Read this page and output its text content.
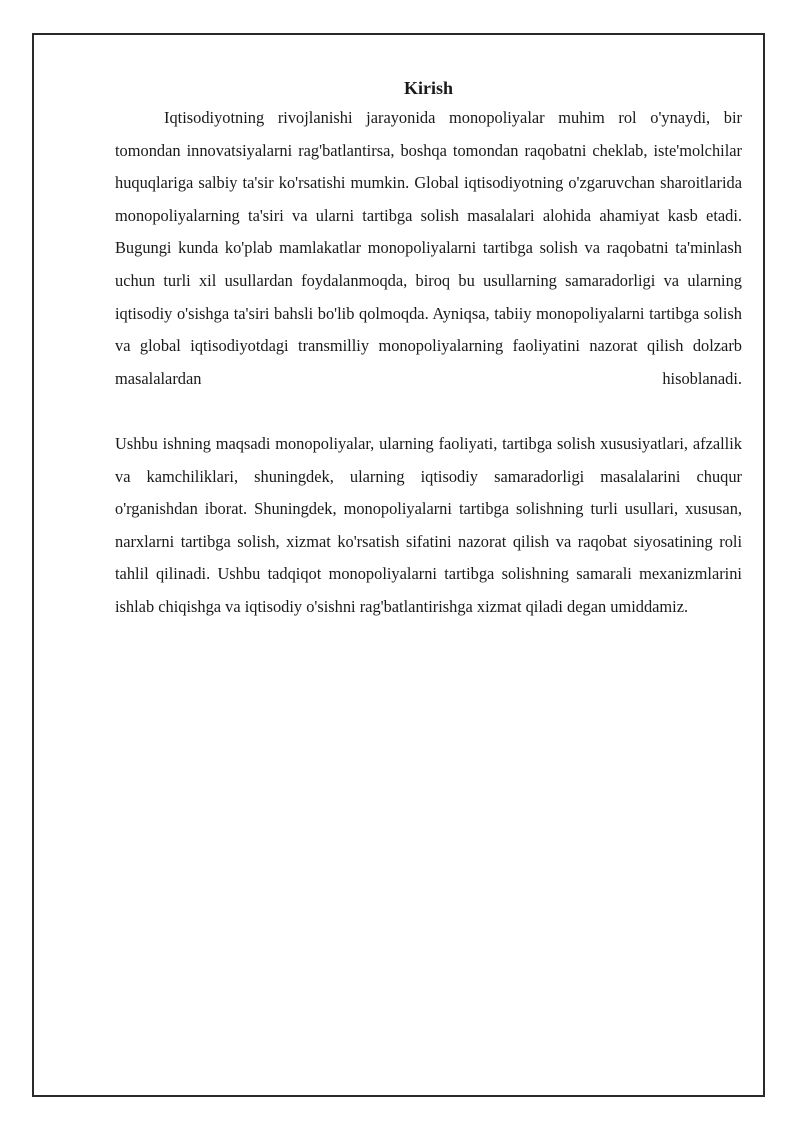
Kirish

Iqtisodiyotning rivojlanishi jarayonida monopoliyalar muhim rol o'ynaydi, bir tomondan innovatsiyalarni rag'batlantirsa, boshqa tomondan raqobatni cheklab, iste'molchilar huquqlariga salbiy ta'sir ko'rsatishi mumkin. Global iqtisodiyotning o'zgaruvchan sharoitlarida monopoliyalarning ta'siri va ularni tartibga solish masalalari alohida ahamiyat kasb etadi. Bugungi kunda ko'plab mamlakatlar monopoliyalarni tartibga solish va raqobatni ta'minlash uchun turli xil usullardan foydalanmoqda, biroq bu usullarning samaradorligi va ularning iqtisodiy o'sishga ta'siri bahsli bo'lib qolmoqda. Ayniqsa, tabiiy monopoliyalarni tartibga solish va global iqtisodiyotdagi transmilliy monopoliyalarning faoliyatini nazorat qilish dolzarb masalalardan hisoblanadi.

Ushbu ishning maqsadi monopoliyalar, ularning faoliyati, tartibga solish xususiyatlari, afzallik va kamchiliklari, shuningdek, ularning iqtisodiy samaradorligi masalalarini chuqur o'rganishdan iborat. Shuningdek, monopoliyalarni tartibga solishning turli usullari, xususan, narxlarni tartibga solish, xizmat ko'rsatish sifatini nazorat qilish va raqobat siyosatining roli tahlil qilinadi. Ushbu tadqiqot monopoliyalarni tartibga solishning samarali mexanizmlarini ishlab chiqishga va iqtisodiy o'sishni rag'batlantirishga xizmat qiladi degan umiddamiz.
